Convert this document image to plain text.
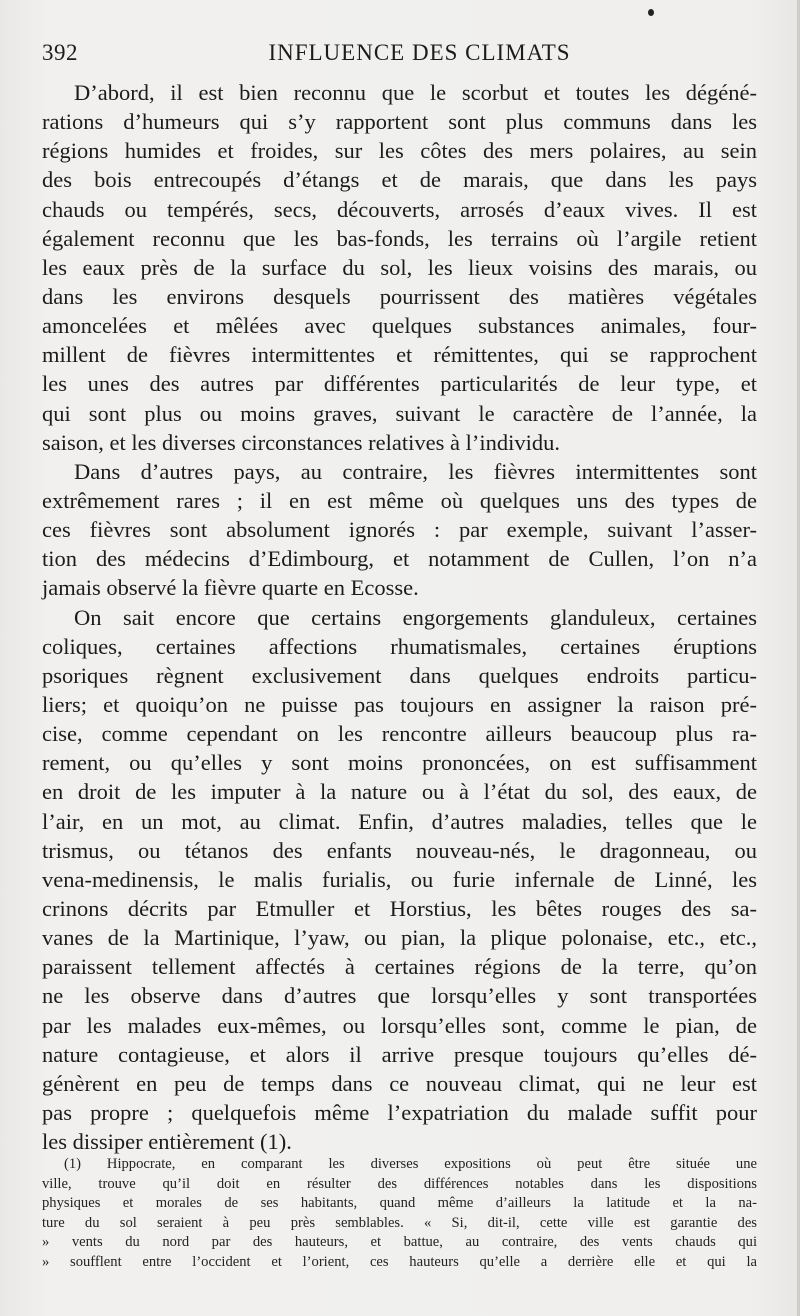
392	INFLUENCE DES CLIMATS
D’abord, il est bien reconnu que le scorbut et toutes les dégéné-
rations d’humeurs qui s’y rapportent sont plus communs dans les
régions humides et froides, sur les côtes des mers polaires, au sein
des bois entrecoupés d’étangs et de marais, que dans les pays
chauds ou tempérés, secs, découverts, arrosés d’eaux vives. Il est
également reconnu que les bas-fonds, les terrains où l’argile retient
les eaux près de la surface du sol, les lieux voisins des marais, ou
dans les environs desquels pourrissent des matières végétales
amoncelées et mêlées avec quelques substances animales, four-
millent de fièvres intermittentes et rémittentes, qui se rapprochent
les unes des autres par différentes particularités de leur type, et
qui sont plus ou moins graves, suivant le caractère de l’année, la
saison, et les diverses circonstances relatives à l’individu.
Dans d’autres pays, au contraire, les fièvres intermittentes sont
extrêmement rares ; il en est même où quelques uns des types de
ces fièvres sont absolument ignorés : par exemple, suivant l’asser-
tion des médecins d’Edimbourg, et notamment de Cullen, l’on n’a
jamais observé la fièvre quarte en Ecosse.
On sait encore que certains engorgements glanduleux, certaines
coliques, certaines affections rhumatismales, certaines éruptions
psoriques règnent exclusivement dans quelques endroits particu-
liers; et quoiqu’on ne puisse pas toujours en assigner la raison pré-
cise, comme cependant on les rencontre ailleurs beaucoup plus ra-
rement, ou qu’elles y sont moins prononcées, on est suffisamment
en droit de les imputer à la nature ou à l’état du sol, des eaux, de
l’air, en un mot, au climat. Enfin, d’autres maladies, telles que le
trismus, ou tétanos des enfants nouveau-nés, le dragonneau, ou
vena-medinensis, le malis furialis, ou furie infernale de Linné, les
crinons décrits par Etmuller et Horstius, les bêtes rouges des sa-
vanes de la Martinique, l’yaw, ou pian, la plique polonaise, etc., etc.,
paraissent tellement affectés à certaines régions de la terre, qu’on
ne les observe dans d’autres que lorsqu’elles y sont transportées
par les malades eux-mêmes, ou lorsqu’elles sont, comme le pian, de
nature contagieuse, et alors il arrive presque toujours qu’elles dé-
génèrent en peu de temps dans ce nouveau climat, qui ne leur est
pas propre ; quelquefois même l’expatriation du malade suffit pour
les dissiper entièrement (1).
(1) Hippocrate, en comparant les diverses expositions où peut être située une
ville, trouve qu’il doit en résulter des différences notables dans les dispositions
physiques et morales de ses habitants, quand même d’ailleurs la latitude et la na-
ture du sol seraient à peu près semblables. « Si, dit-il, cette ville est garantie des
» vents du nord par des hauteurs, et battue, au contraire, des vents chauds qui
» soufflent entre l’occident et l’orient, ces hauteurs qu’elle a derrière elle et qui la
